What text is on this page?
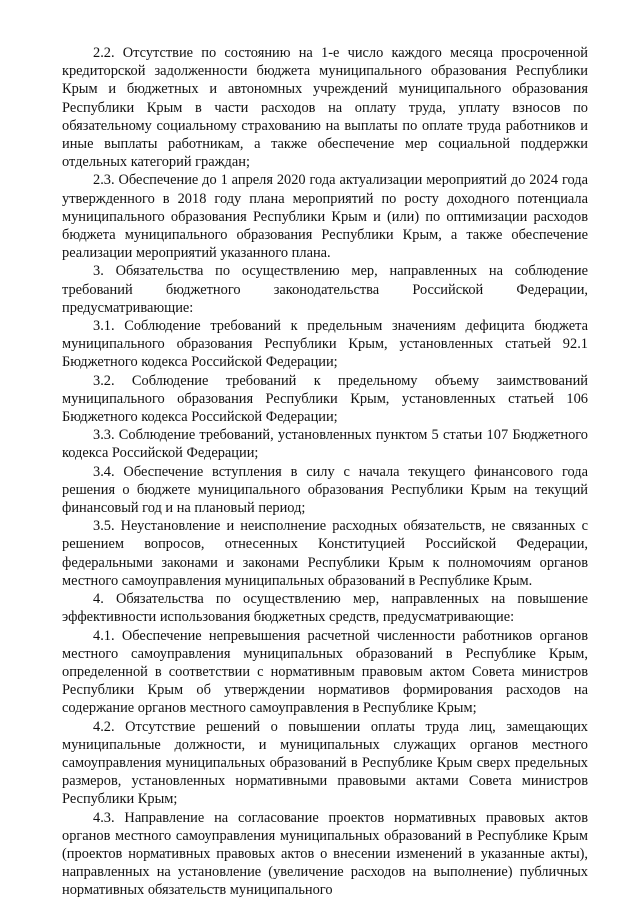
2.2. Отсутствие по состоянию на 1-е число каждого месяца просроченной кредиторской задолженности бюджета муниципального образования Республики Крым и бюджетных и автономных учреждений муниципального образования Республики Крым в части расходов на оплату труда, уплату взносов по обязательному социальному страхованию на выплаты по оплате труда работников и иные выплаты работникам, а также обеспечение мер социальной поддержки отдельных категорий граждан;

2.3. Обеспечение до 1 апреля 2020 года актуализации мероприятий до 2024 года утвержденного в 2018 году плана мероприятий по росту доходного потенциала муниципального образования Республики Крым и (или) по оптимизации расходов бюджета муниципального образования Республики Крым, а также обеспечение реализации мероприятий указанного плана.

3. Обязательства по осуществлению мер, направленных на соблюдение требований бюджетного законодательства Российской Федерации, предусматривающие:

3.1. Соблюдение требований к предельным значениям дефицита бюджета муниципального образования Республики Крым, установленных статьей 92.1 Бюджетного кодекса Российской Федерации;

3.2. Соблюдение требований к предельному объему заимствований муниципального образования Республики Крым, установленных статьей 106 Бюджетного кодекса Российской Федерации;

3.3. Соблюдение требований, установленных пунктом 5 статьи 107 Бюджетного кодекса Российской Федерации;

3.4. Обеспечение вступления в силу с начала текущего финансового года решения о бюджете муниципального образования Республики Крым на текущий финансовый год и на плановый период;

3.5. Неустановление и неисполнение расходных обязательств, не связанных с решением вопросов, отнесенных Конституцией Российской Федерации, федеральными законами и законами Республики Крым к полномочиям органов местного самоуправления муниципальных образований в Республике Крым.

4. Обязательства по осуществлению мер, направленных на повышение эффективности использования бюджетных средств, предусматривающие:

4.1. Обеспечение непревышения расчетной численности работников органов местного самоуправления муниципальных образований в Республике Крым, определенной в соответствии с нормативным правовым актом Совета министров Республики Крым об утверждении нормативов формирования расходов на содержание органов местного самоуправления в Республике Крым;

4.2. Отсутствие решений о повышении оплаты труда лиц, замещающих муниципальные должности, и муниципальных служащих органов местного самоуправления муниципальных образований в Республике Крым сверх предельных размеров, установленных нормативными правовыми актами Совета министров Республики Крым;

4.3. Направление на согласование проектов нормативных правовых актов органов местного самоуправления муниципальных образований в Республике Крым (проектов нормативных правовых актов о внесении изменений в указанные акты), направленных на установление (увеличение расходов на выполнение) публичных нормативных обязательств муниципального
